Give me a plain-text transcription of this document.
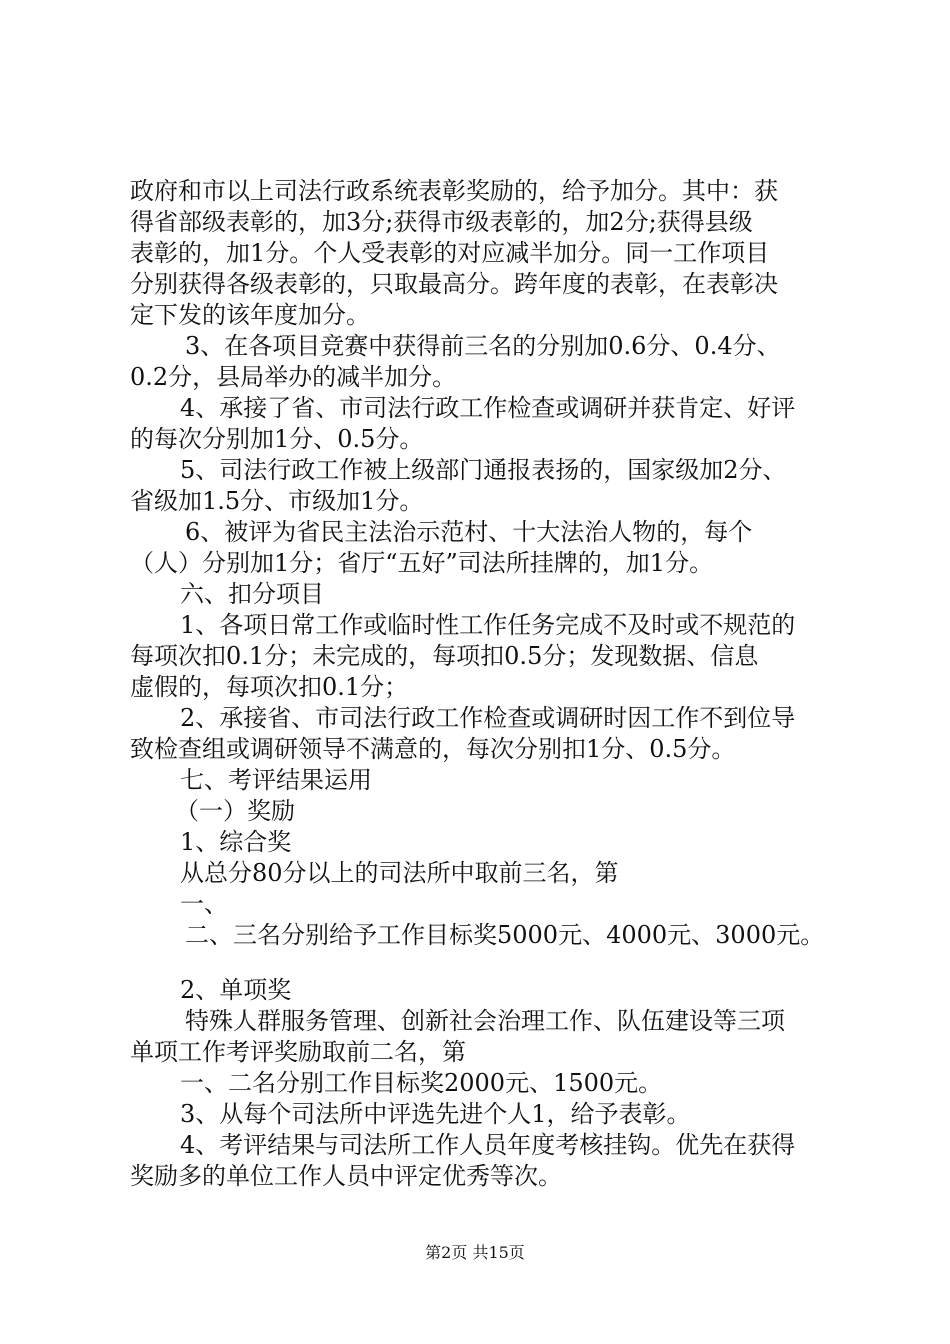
政府和市以上司法行政系统表彰奖励的，给予加分。其中：获
得省部级表彰的，加3分;获得市级表彰的，加2分;获得县级
表彰的，加1分。个人受表彰的对应减半加分。同一工作项目
分别获得各级表彰的，只取最高分。跨年度的表彰，在表彰决
定下发的该年度加分。
3、在各项目竞赛中获得前三名的分别加0.6分、0.4分、
0.2分，县局举办的减半加分。
4、承接了省、市司法行政工作检查或调研并获肯定、好评
的每次分别加1分、0.5分。
5、司法行政工作被上级部门通报表扬的，国家级加2分、
省级加1.5分、市级加1分。
6、被评为省民主法治示范村、十大法治人物的，每个
（人）分别加1分；省厅“五好”司法所挂牌的，加1分。
六、扣分项目
1、各项日常工作或临时性工作任务完成不及时或不规范的
每项次扣0.1分；未完成的，每项扣0.5分；发现数据、信息
虚假的，每项次扣0.1分；
2、承接省、市司法行政工作检查或调研时因工作不到位导
致检查组或调研领导不满意的，每次分别扣1分、0.5分。
七、考评结果运用
（一）奖励
1、综合奖
从总分80分以上的司法所中取前三名，第
一、
二、三名分别给予工作目标奖5000元、4000元、3000元。
2、单项奖
特殊人群服务管理、创新社会治理工作、队伍建设等三项
单项工作考评奖励取前二名，第
一、二名分别工作目标奖2000元、1500元。
3、从每个司法所中评选先进个人1，给予表彰。
4、考评结果与司法所工作人员年度考核挂钩。优先在获得
奖励多的单位工作人员中评定优秀等次。
第2页 共15页
